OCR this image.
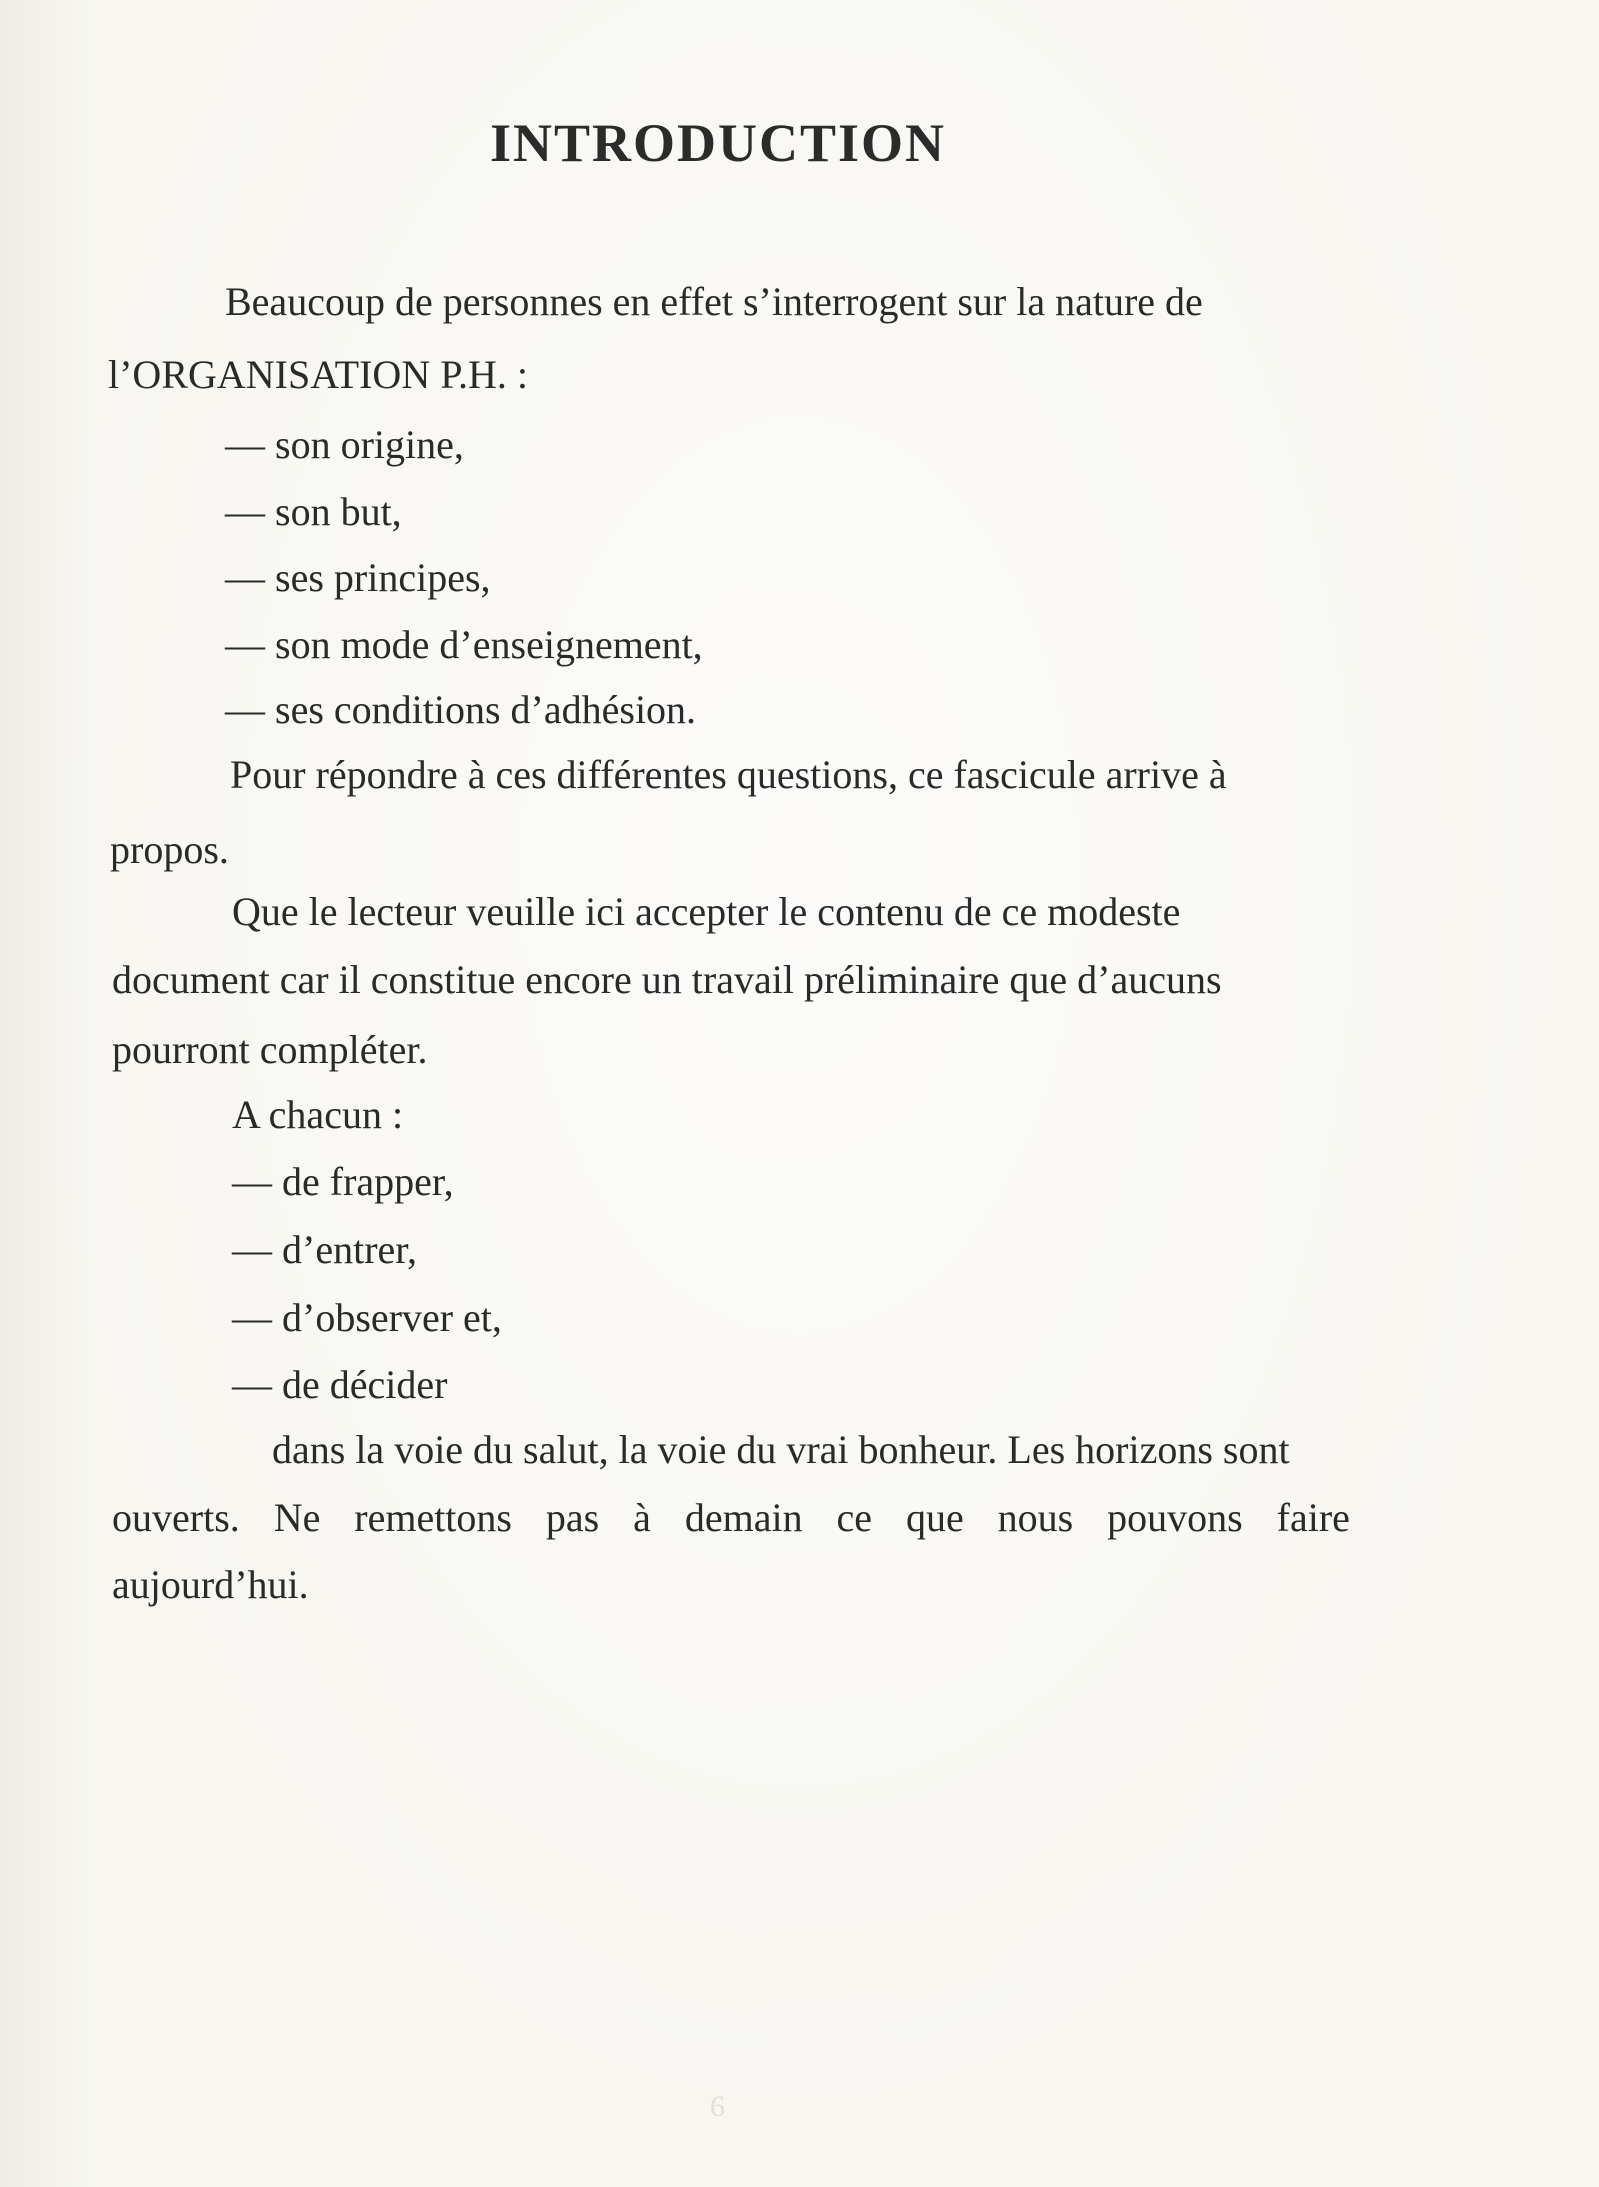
INTRODUCTION
Beaucoup de personnes en effet s’interrogent sur la nature de
l’ORGANISATION P.H. :
— son origine,
— son but,
— ses principes,
— son mode d’enseignement,
— ses conditions d’adhésion.
Pour répondre à ces différentes questions, ce fascicule arrive à
propos.
Que le lecteur veuille ici accepter le contenu de ce modeste
document car il constitue encore un travail préliminaire que d’aucuns
pourront compléter.
A chacun :
— de frapper,
— d’entrer,
— d’observer et,
— de décider
dans la voie du salut, la voie du vrai bonheur. Les horizons sont
ouverts. Ne remettons pas à demain ce que nous pouvons faire
aujourd’hui.
6
